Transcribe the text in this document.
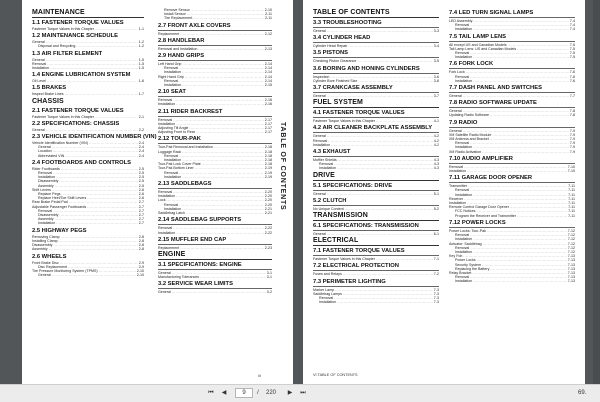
MAINTENANCE
1.1 FASTENER TORQUE VALUES
Fastener Torque Values in this Chapter .....	1-1
1.2 MAINTENANCE SCHEDULE
General .....	1-2
Disposal and Recycling .....	1-2
1.3 AIR FILTER ELEMENT
General .....	1-5
Removal .....	1-5
Installation .....	1-5
1.4 ENGINE LUBRICATION SYSTEM
Oil Level .....	1-6
1.5 BRAKES
Inspect Brake Lines .....	1-7
CHASSIS
2.1 FASTENER TORQUE VALUES
Fastener Torque Values in this Chapter .....	2-1
2.2 SPECIFICATIONS: CHASSIS
General .....	2-2
2.3 VEHICLE IDENTIFICATION NUMBER (VIN)
Vehicle Identification Number (VIN) .....	2-4
General .....	2-4
Location .....	2-4
Abbreviated VIN .....	2-4
2.4 FOOTBOARDS AND CONTROLS
Rider Footboards .....	2-5
Removal .....	2-5
Installation .....	2-5
Disassembly .....	2-5
Assembly .....	2-5
Shift Levers .....	2-6
Replace Pegs .....	2-6
Replace Heel/Toe Shift Levers .....	2-6
Rear Brake Pedal Pad .....	2-7
Adjustable Passenger Footboards .....	2-7
Removal .....	2-7
Disassembly .....	2-7
Assembly .....	2-7
Installation .....	2-7
2.5 HIGHWAY PEGS
Removing Clamp .....	2-8
Installing Clamp .....	2-8
Disassembly .....	2-8
Assembly .....	2-8
2.6 WHEELS
Front Brake Disc .....	2-9
Disc Replacement .....	2-9
Tire Pressure Monitoring System (TPMS) .....	2-10
General .....	2-10
Remove Sensor .....	2-10
Install Sensor .....	2-11
Tire Replacement .....	2-11
2.7 FRONT AXLE COVERS
Replacement .....	2-12
2.8 HANDLEBAR
Removal and Installation .....	2-13
2.9 HAND GRIPS
Left Hand Grip .....	2-14
Removal .....	2-14
Installation .....	2-14
Right Hand Grip .....	2-14
Removal .....	2-14
Installation .....	2-15
2.10 SEAT
Removal .....	2-16
Installation .....	2-16
2.11 RIDER BACKREST
Removal .....	2-17
Installation .....	2-17
Adjusting Tilt Angle .....	2-17
Adjusting Front to Rear .....	2-17
2.12 TOUR-PAK
Tour-Pak Removal and Installation .....	2-18
Luggage Rack .....	2-18
Removal .....	2-18
Installation .....	2-18
Tour-Pak Lock Cover Plate .....	2-18
Tour-Pak Bottom Liner .....	2-19
Removal .....	2-19
Installation .....	2-19
2.13 SADDLEBAGS
Removal .....	2-20
Installation .....	2-20
Lock .....	2-20
Removal .....	2-20
Installation .....	2-21
Saddlebag Latch .....	2-21
2.14 SADDLEBAG SUPPORTS
Removal .....	2-22
Installation .....	2-22
2.15 MUFFLER END CAP
Replacement .....	2-23
ENGINE
3.1 SPECIFICATIONS: ENGINE
General .....	3-1
Manufacturing Tolerances .....	3-1
3.2 SERVICE WEAR LIMITS
General .....	3-2
TABLE OF CONTENTS
iii
TABLE OF CONTENTS
3.3 TROUBLESHOOTING
General .....	3-3
3.4 CYLINDER HEAD
Cylinder Head Repair .....	3-4
3.5 PISTONS
Checking Piston Clearance .....	3-5
3.6 BORING AND HONING CYLINDERS
Inspection .....	3-6
Cylinder Bore Finished Size .....	3-6
3.7 CRANKCASE ASSEMBLY
General .....	3-7
FUEL SYSTEM
4.1 FASTENER TORQUE VALUES
Fastener Torque Values in this Chapter .....	4-1
4.2 AIR CLEANER BACKPLATE ASSEMBLY
General .....	4-2
Removal .....	4-2
Installation .....	4-2
4.3 EXHAUST
Muffler Shields .....	4-3
Removal .....	4-3
Installation .....	4-3
DRIVE
5.1 SPECIFICATIONS: DRIVE
General .....	5-1
5.2 CLUTCH
No Unique Content .....	5-2
TRANSMISSION
6.1 SPECIFICATIONS: TRANSMISSION
General .....	6-1
ELECTRICAL
7.1 FASTENER TORQUE VALUES
Fastener Torque Values in this Chapter .....	7-1
7.2 ELECTRICAL PROTECTION
Fuses and Relays .....	7-2
7.3 PERIMETER LIGHTING
Marker Lamp .....	7-3
Saddlebag Lamps .....	7-3
Removal .....	7-3
Installation .....	7-3
7.4 LED TURN SIGNAL LAMPS
LED Assembly .....	7-4
Removal .....	7-4
Installation .....	7-4
7.5 TAIL LAMP LENS
All except US and Canadian Models .....	7-5
Tail Lamp Lens: US and Canadian Models .....	7-5
Removal .....	7-5
Installation .....	7-5
7.6 FORK LOCK
Fork Lock .....	7-6
Removal .....	7-6
Installation .....	7-6
7.7 DASH PANEL AND SWITCHES
General .....	7-7
7.8 RADIO SOFTWARE UPDATE
General .....	7-8
Updating Radio Software .....	7-8
7.9 RADIO
General .....	7-9
XM Satellite Radio Module .....	7-9
XM Antenna and Bracket .....	7-9
Removal .....	7-9
Installation .....	7-9
XM Radio Activation .....	7-9
7.10 AUDIO AMPLIFIER
Removal .....	7-10
Installation .....	7-10
7.11 GARAGE DOOR OPENER
Transmitter .....	7-11
Removal .....	7-11
Installation .....	7-11
Receiver .....	7-11
Installation .....	7-11
Remote Control Garage Door Opener .....	7-11
FCC Notices .....	7-11
Program the Receiver and Transmitter .....	7-11
7.12 POWER LOCKS
Power Locks: Tour-Pak .....	7-12
Removal .....	7-12
Installation .....	7-12
Actuator: Saddlebag .....	7-12
Removal .....	7-12
Installation .....	7-12
Key Fob .....	7-13
Power Locks .....	7-13
Security System .....	7-13
Replacing the Battery .....	7-13
Relay Bracket .....	7-13
Removal .....	7-13
Installation .....	7-13
VI TABLE OF CONTENTS
⏮	◀	9	/	220	▶	⏭	69.
